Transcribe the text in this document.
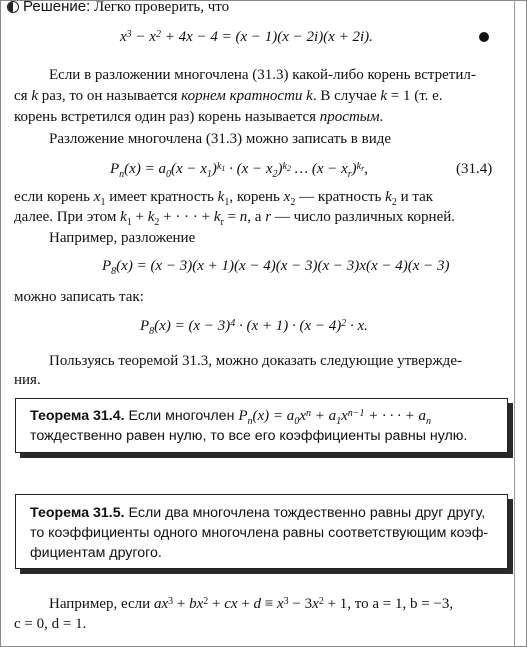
Решение: Легко проверить, что
$x^3 - x^2 + 4x - 4 = (x - 1)(x - 2i)(x + 2i)$.
Если в разложении многочлена (31.3) какой-либо корень встретил-
ся k раз, то он называется корнем кратности k. В случае k = 1 (т. е.
корень встретился один раз) корень называется простым.
Разложение многочлена (31.3) можно записать в виде
$P_n(x) = a_0(x - x_1)^{k_1} \cdot (x - x_2)^{k_2}$ … $(x - x_r)^{k_r}$,	(31.4)
если корень $x_1$ имеет кратность $k_1$, корень $x_2$ — кратность $k_2$ и так
далее. При этом $k_1 + k_2$ + · · · + $k_r = n$, а r — число различных корней.
Например, разложение
$P_8(x) = (x - 3)(x + 1)(x - 4)(x - 3)(x - 3)x(x - 4)(x - 3)$
можно записать так:
$P_8(x) = (x - 3)^4 \cdot (x + 1) \cdot (x - 4)^2 \cdot x$.
Пользуясь теоремой 31.3, можно доказать следующие утвержде-
ния.
Теорема 31.4. Если многочлен $P_n(x) = a_0x^n + a_1x^{n-1}$ + · · · + $a_n$
тождественно равен нулю, то все его коэффициенты равны нулю.
Теорема 31.5. Если два многочлена тождественно равны друг другу,
то коэффициенты одного многочлена равны соответствующим коэф-
фициентам другого.
Например, если $ax^3 + bx^2$ + cx + $d \equiv x^3 - 3x^2 + 1$, то a = 1, b = −3,
c = 0, d = 1.
